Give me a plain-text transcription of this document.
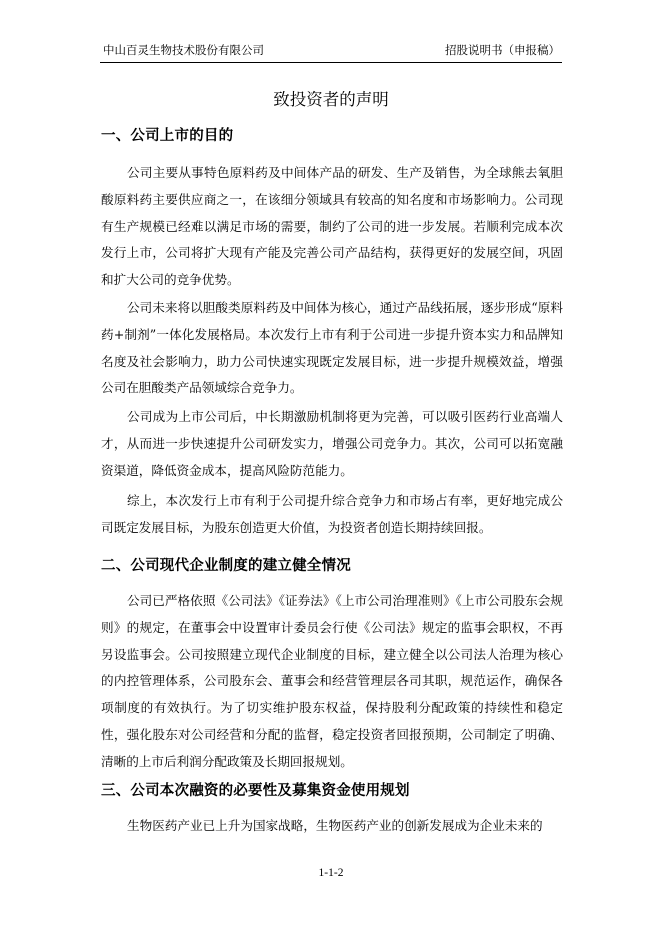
中山百灵生物技术股份有限公司	招股说明书（申报稿）
致投资者的声明
一、公司上市的目的

公司主要从事特色原料药及中间体产品的研发、生产及销售，为全球熊去氧胆酸原料药主要供应商之一，在该细分领域具有较高的知名度和市场影响力。公司现有生产规模已经难以满足市场的需要，制约了公司的进一步发展。若顺利完成本次发行上市，公司将扩大现有产能及完善公司产品结构，获得更好的发展空间，巩固和扩大公司的竞争优势。

公司未来将以胆酸类原料药及中间体为核心，通过产品线拓展，逐步形成“原料药+制剂”一体化发展格局。本次发行上市有利于公司进一步提升资本实力和品牌知名度及社会影响力，助力公司快速实现既定发展目标，进一步提升规模效益，增强公司在胆酸类产品领域综合竞争力。

公司成为上市公司后，中长期激励机制将更为完善，可以吸引医药行业高端人才，从而进一步快速提升公司研发实力，增强公司竞争力。其次，公司可以拓宽融资渠道，降低资金成本，提高风险防范能力。

综上，本次发行上市有利于公司提升综合竞争力和市场占有率，更好地完成公司既定发展目标，为股东创造更大价值，为投资者创造长期持续回报。

二、公司现代企业制度的建立健全情况

公司已严格依照《公司法》《证券法》《上市公司治理准则》《上市公司股东会规则》的规定，在董事会中设置审计委员会行使《公司法》规定的监事会职权，不再另设监事会。公司按照建立现代企业制度的目标，建立健全以公司法人治理为核心的内控管理体系，公司股东会、董事会和经营管理层各司其职，规范运作，确保各项制度的有效执行。为了切实维护股东权益，保持股利分配政策的持续性和稳定性，强化股东对公司经营和分配的监督，稳定投资者回报预期，公司制定了明确、清晰的上市后利润分配政策及长期回报规划。

三、公司本次融资的必要性及募集资金使用规划

生物医药产业已上升为国家战略，生物医药产业的创新发展成为企业未来的

1-1-2
